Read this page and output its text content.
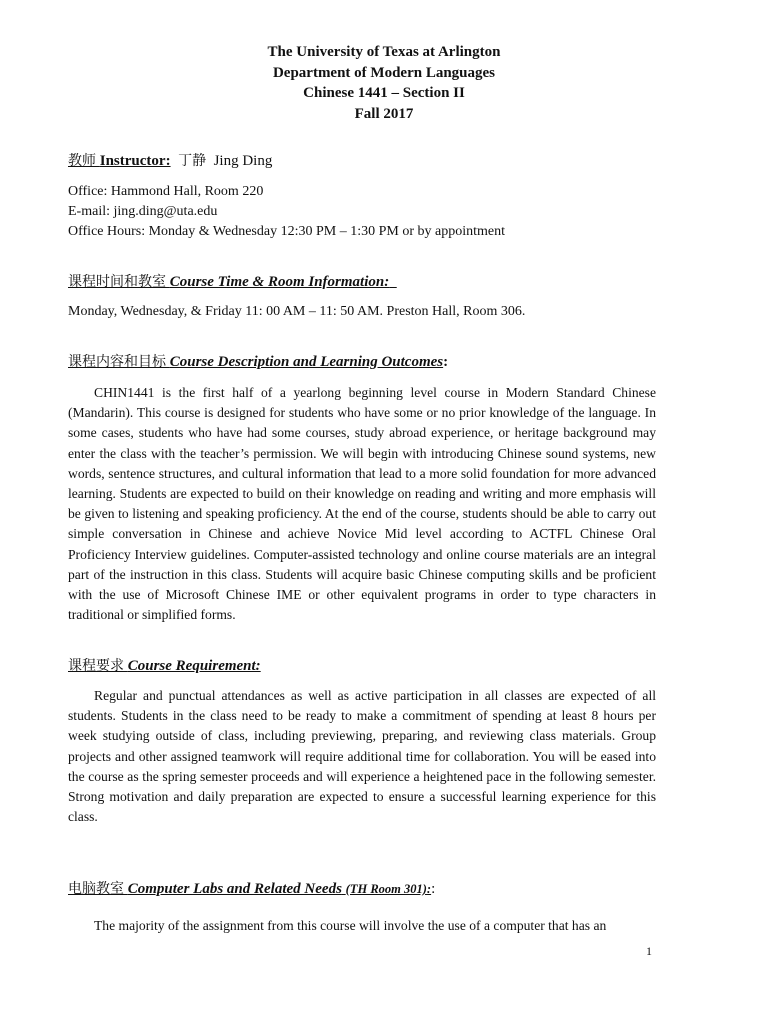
The University of Texas at Arlington
Department of Modern Languages
Chinese 1441 – Section II
Fall 2017
教师 Instructor: 丁静 Jing Ding
Office: Hammond Hall, Room 220
E-mail: jing.ding@uta.edu
Office Hours: Monday & Wednesday 12:30 PM – 1:30 PM or by appointment
课程时间和教室 Course Time & Room Information:
Monday, Wednesday, & Friday 11: 00 AM – 11: 50 AM. Preston Hall, Room 306.
课程内容和目标 Course Description and Learning Outcomes:
CHIN1441 is the first half of a yearlong beginning level course in Modern Standard Chinese (Mandarin). This course is designed for students who have some or no prior knowledge of the language. In some cases, students who have had some courses, study abroad experience, or heritage background may enter the class with the teacher’s permission. We will begin with introducing Chinese sound systems, new words, sentence structures, and cultural information that lead to a more solid foundation for more advanced learning. Students are expected to build on their knowledge on reading and writing and more emphasis will be given to listening and speaking proficiency. At the end of the course, students should be able to carry out simple conversation in Chinese and achieve Novice Mid level according to ACTFL Chinese Oral Proficiency Interview guidelines. Computer-assisted technology and online course materials are an integral part of the instruction in this class. Students will acquire basic Chinese computing skills and be proficient with the use of Microsoft Chinese IME or other equivalent programs in order to type characters in traditional or simplified forms.
课程要求 Course Requirement:
Regular and punctual attendances as well as active participation in all classes are expected of all students. Students in the class need to be ready to make a commitment of spending at least 8 hours per week studying outside of class, including previewing, preparing, and reviewing class materials. Group projects and other assigned teamwork will require additional time for collaboration. You will be eased into the course as the spring semester proceeds and will experience a heightened pace in the following semester. Strong motivation and daily preparation are expected to ensure a successful learning experience for this class.
电脑教室 Computer Labs and Related Needs (TH Room 301)::
The majority of the assignment from this course will involve the use of a computer that has an
1
